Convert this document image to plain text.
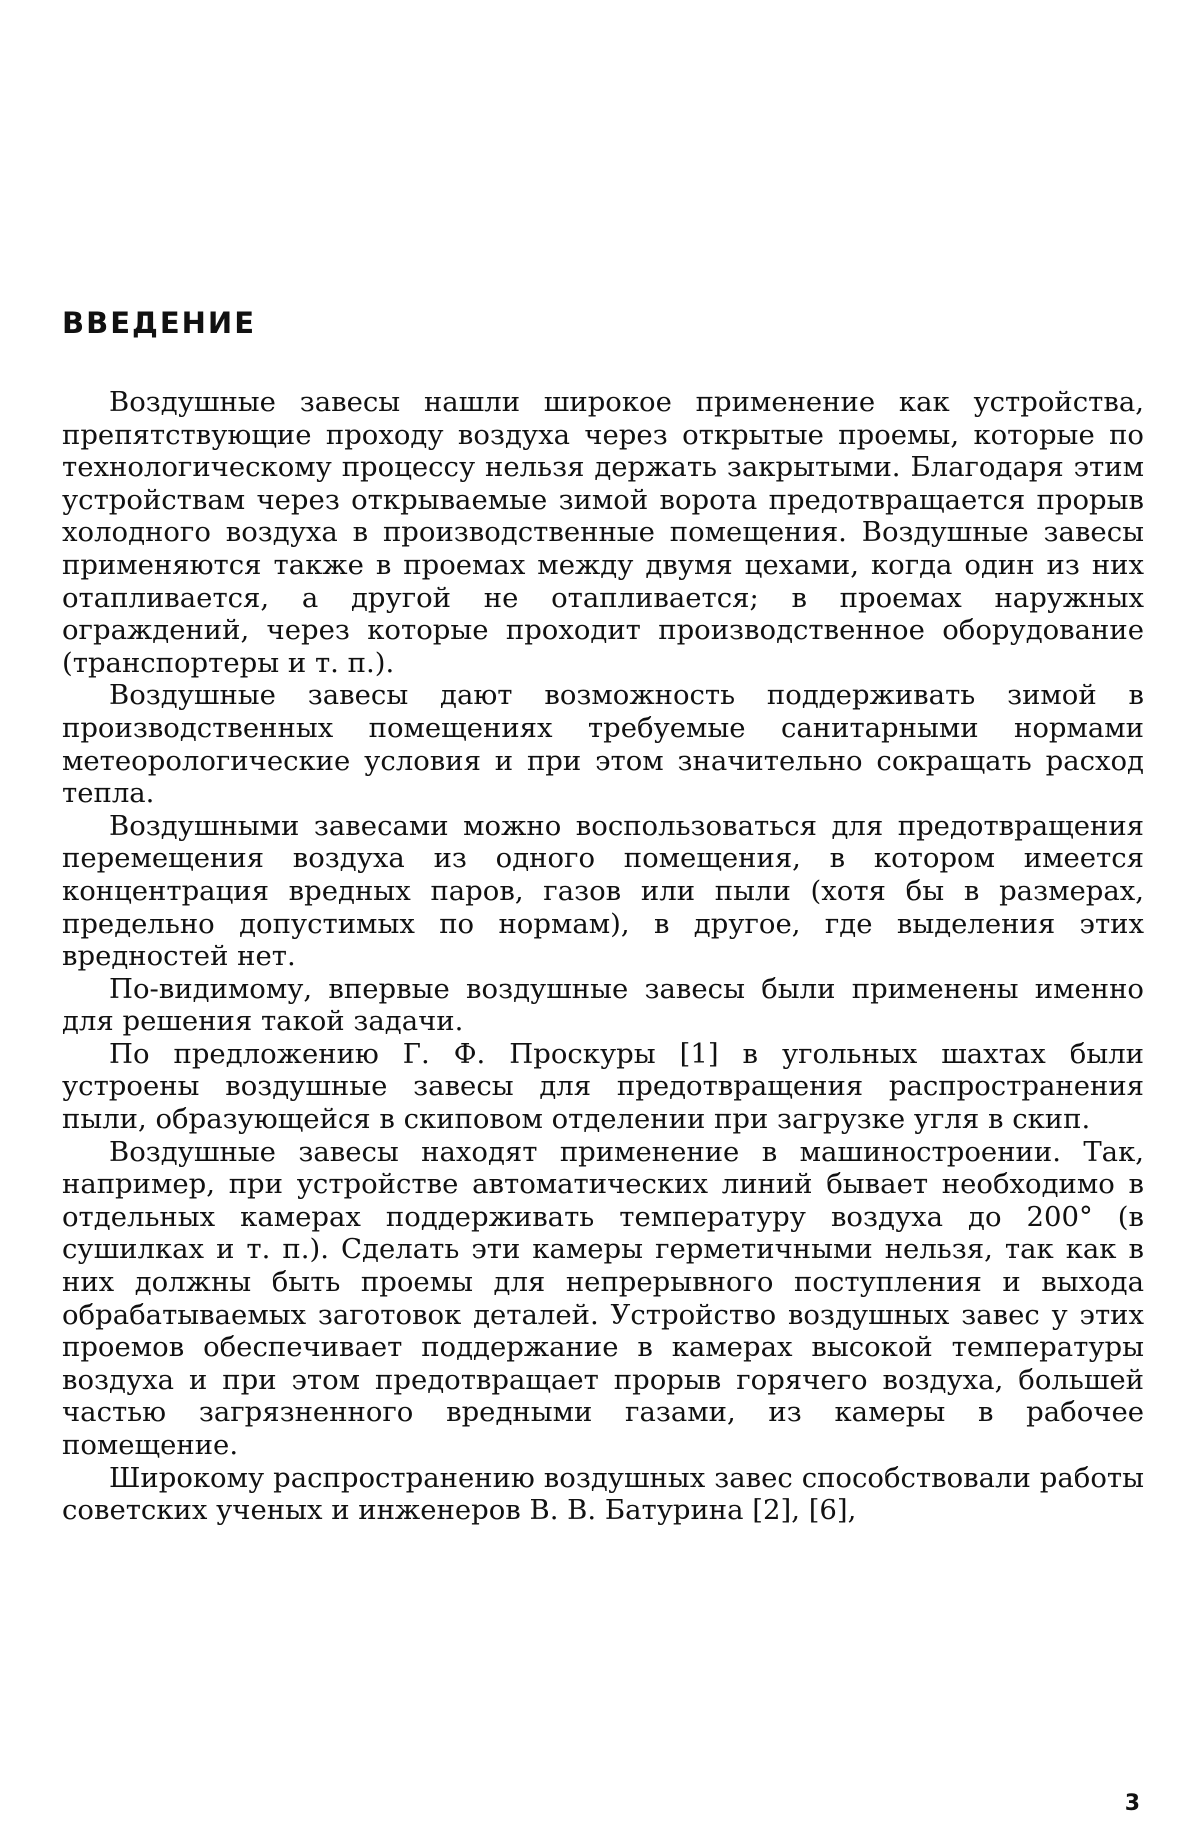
ВВЕДЕНИЕ

Воздушные завесы нашли широкое применение как устройства, препятствующие проходу воздуха через открытые проемы, которые по технологическому процессу нельзя держать закрытыми. Благодаря этим устройствам через открываемые зимой ворота предотвращается прорыв холодного воздуха в производственные помещения. Воздушные завесы применяются также в проемах между двумя цехами, когда один из них отапливается, а другой не отапливается; в проемах наружных ограждений, через которые проходит производственное оборудование (транспортеры и т. п.).

Воздушные завесы дают возможность поддерживать зимой в производственных помещениях требуемые санитарными нормами метеорологические условия и при этом значительно сокращать расход тепла.

Воздушными завесами можно воспользоваться для предотвращения перемещения воздуха из одного помещения, в котором имеется концентрация вредных паров, газов или пыли (хотя бы в размерах, предельно допустимых по нормам), в другое, где выделения этих вредностей нет.

По-видимому, впервые воздушные завесы были применены именно для решения такой задачи.

По предложению Г. Ф. Проскуры [1] в угольных шахтах были устроены воздушные завесы для предотвращения распространения пыли, образующейся в скиповом отделении при загрузке угля в скип.

Воздушные завесы находят применение в машиностроении. Так, например, при устройстве автоматических линий бывает необходимо в отдельных камерах поддерживать температуру воздуха до 200° (в сушилках и т. п.). Сделать эти камеры герметичными нельзя, так как в них должны быть проемы для непрерывного поступления и выхода обрабатываемых заготовок деталей. Устройство воздушных завес у этих проемов обеспечивает поддержание в камерах высокой температуры воздуха и при этом предотвращает прорыв горячего воздуха, большей частью загрязненного вредными газами, из камеры в рабочее помещение.

Широкому распространению воздушных завес способствовали работы советских ученых и инженеров В. В. Батурина [2], [6],

3
